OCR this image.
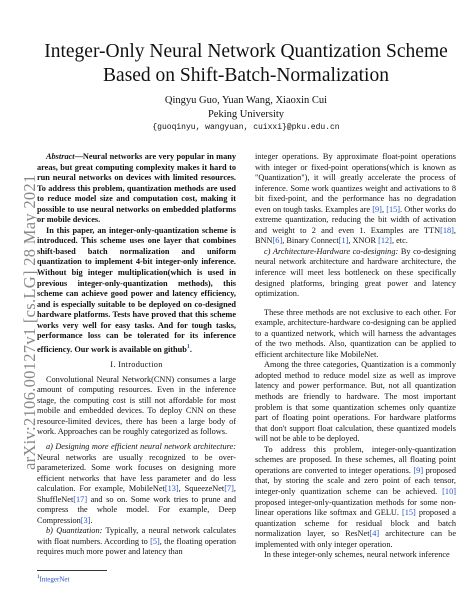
arXiv:2106.00127v1 [cs.LG] 28 May 2021
Integer-Only Neural Network Quantization Scheme
Based on Shift-Batch-Normalization
Qingyu Guo, Yuan Wang, Xiaoxin Cui
Peking University
{guoqinyu, wangyuan, cuixxi}@pku.edu.cn

Abstract—Neural networks are very popular in many areas, but great computing complexity makes it hard to run neural networks on devices with limited resources. To address this problem, quantization methods are used to reduce model size and computation cost, making it possible to use neural networks on embedded platforms or mobile devices.

In this paper, an integer-only-quantization scheme is introduced. This scheme uses one layer that combines shift-based batch normalization and uniform quantization to implement 4-bit integer-only inference. Without big integer multiplication(which is used in previous integer-only-quantization methods), this scheme can achieve good power and latency efficiency, and is especially suitable to be deployed on co-designed hardware platforms. Tests have proved that this scheme works very well for easy tasks. And for tough tasks, performance loss can be tolerated for its inference efficiency. Our work is available on github$^1$.

I. Introduction

Convolutional Neural Network(CNN) consumes a large amount of computing resources. Even in the inference stage, the computing cost is still not affordable for most mobile and embedded devices. To deploy CNN on these resource-limited devices, there has been a large body of work. Approaches can be roughly categorized as follows.

a) Designing more efficient neural network architecture: Neural networks are usually recognized to be over-parameterized. Some work focuses on designing more efficient networks that have less parameter and do less calculation. For example, MobileNet[13], SqueezeNet[7], ShuffleNet[17] and so on. Some work tries to prune and compress the whole model. For example, Deep Compression[3].

b) Quantization: Typically, a neural network calculates with float numbers. According to [5], the floating operation requires much more power and latency than

$^1$IntegerNet

integer operations. By approximate float-point operations with integer or fixed-point operations(which is known as "Quantization"), it will greatly accelerate the process of inference. Some work quantizes weight and activations to 8 bit fixed-point, and the performance has no degradation even on tough tasks. Examples are [9], [15]. Other works do extreme quantization, reducing the bit width of activation and weight to 2 and even 1. Examples are TTN[18], BNN[6], Binary Connect[1], XNOR [12], etc.

c) Architecture-Hardware co-designing: By co-designing neural network architecture and hardware architecture, the inference will meet less bottleneck on these specifically designed platforms, bringing great power and latency optimization.

These three methods are not exclusive to each other. For example, architecture-hardware co-designing can be applied to a quantized network, which will harness the advantages of the two methods. Also, quantization can be applied to efficient architecture like MobileNet.

Among the three categories, Quantization is a commonly adopted method to reduce model size as well as improve latency and power performance. But, not all quantization methods are friendly to hardware. The most important problem is that some quantization schemes only quantize part of floating point operations. For hardware platforms that don't support float calculation, these quantized models will not be able to be deployed.

To address this problem, integer-only-quantization schemes are proposed. In these schemes, all floating point operations are converted to integer operations. [9] proposed that, by storing the scale and zero point of each tensor, integer-only quantization scheme can be achieved. [10] proposed integer-only-quantization methods for some non-linear operations like softmax and GELU. [15] proposed a quantization scheme for residual block and batch normalization layer, so ResNet[4] architecture can be implemented with only integer operation.

In these integer-only schemes, neural network inference
